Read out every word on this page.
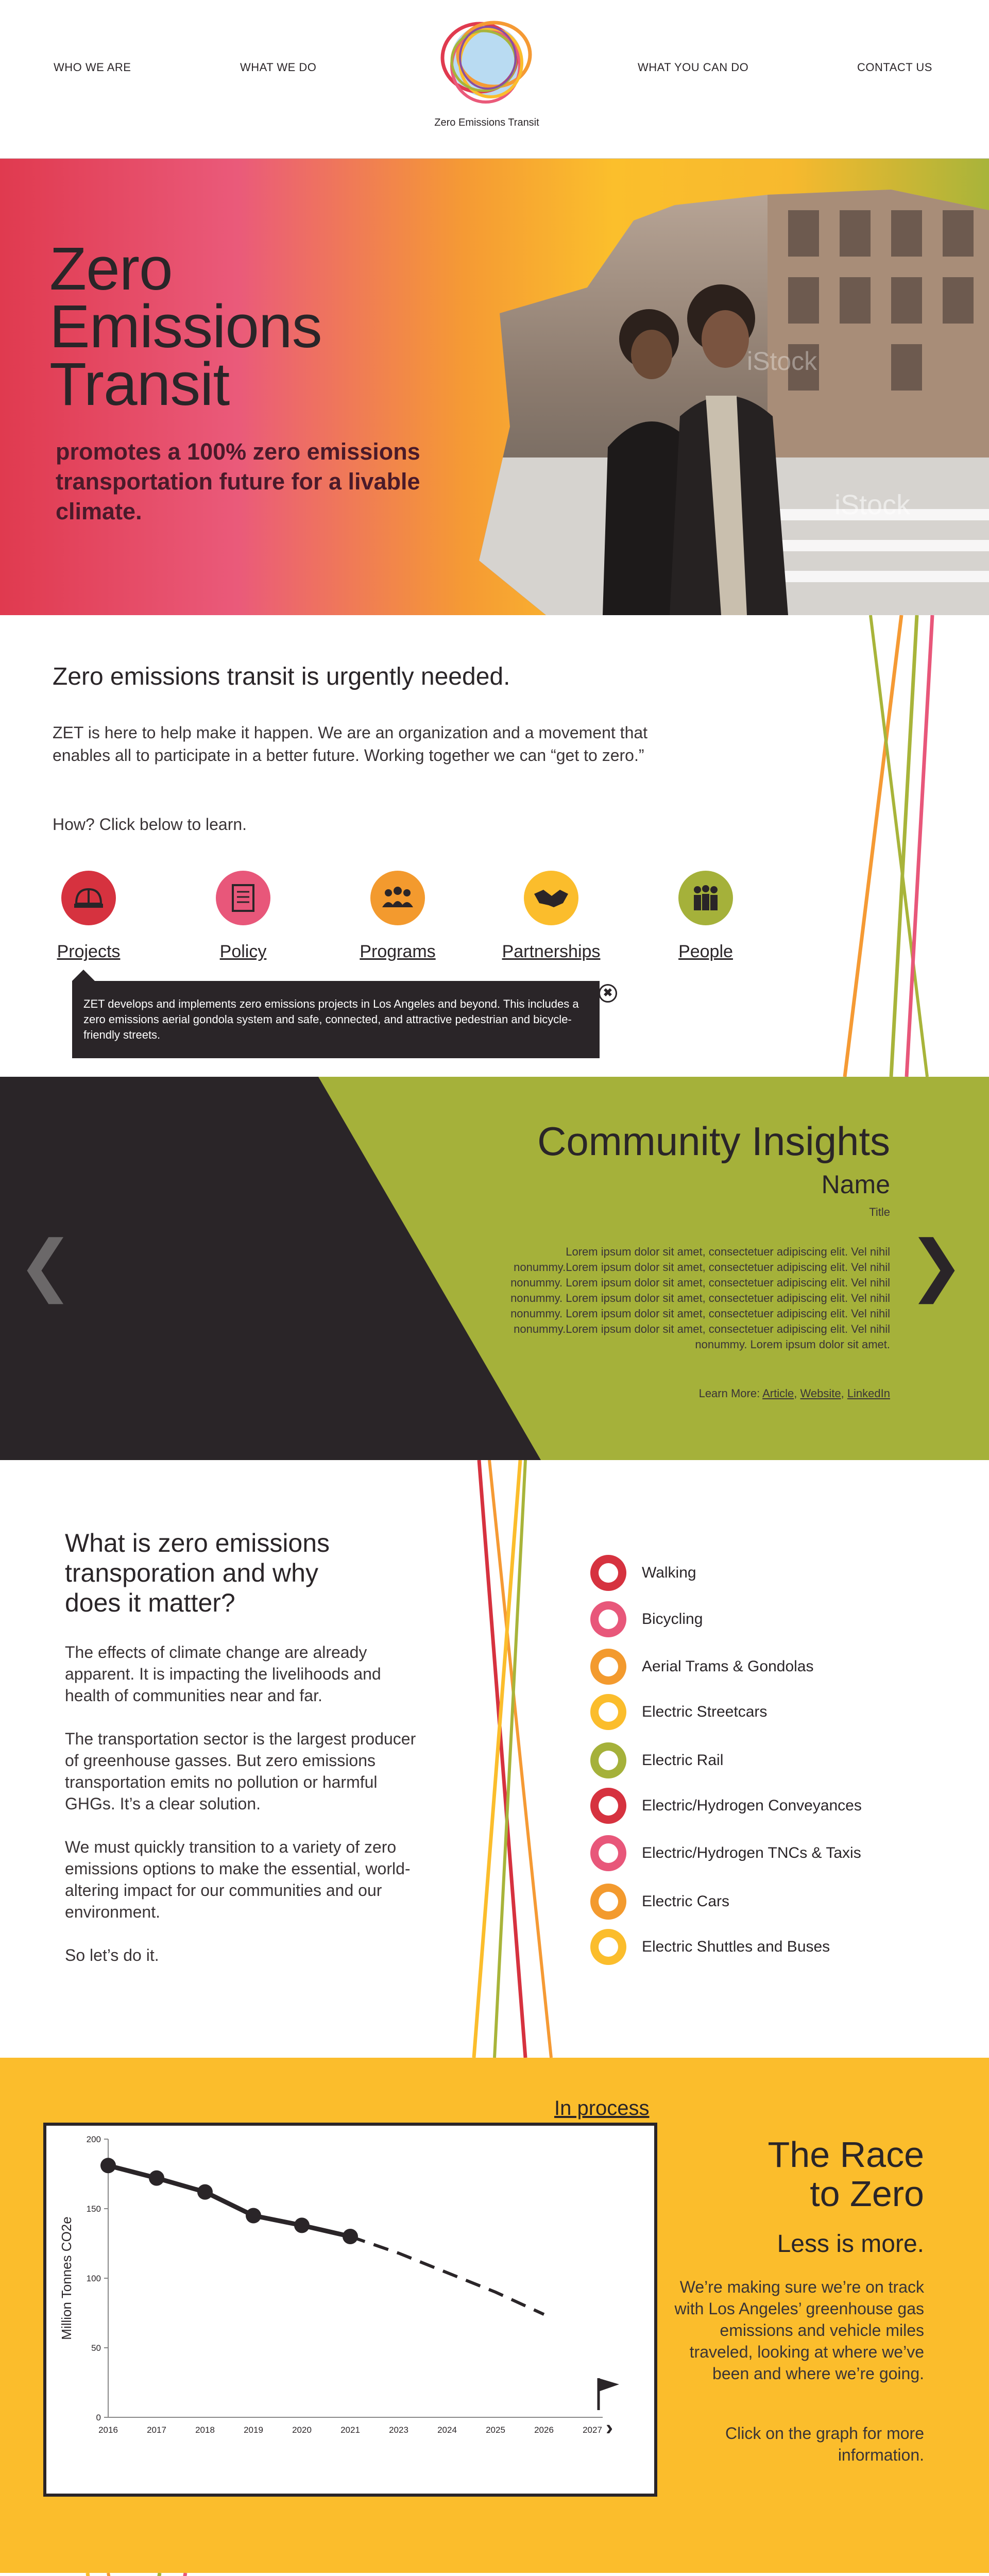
WHO WE ARE	WHAT WE DO
Zero Emissions Transit
WHAT YOU CAN DO	CONTACT US
Zero
Emissions
Transit
promotes a 100% zero emissions transportation future for a livable climate.	iStock
iStock
Zero emissions transit is urgently needed.

ZET is here to help make it happen. We are an organization and a movement that enables all to participate in a better future. Working together we can “get to zero.”

How? Click below to learn.

Projects	Policy	Programs	Partnerships	People
ZET develops and implements zero emissions projects in Los Angeles and beyond. This includes a zero emissions aerial gondola system and safe, connected, and attractive pedestrian and bicycle-friendly streets.
✖
❮
Community Insights
Name
Title

Lorem ipsum dolor sit amet, consectetuer adipiscing elit. Vel nihil nonummy.Lorem ipsum dolor sit amet, consectetuer adipiscing elit. Vel nihil nonummy. Lorem ipsum dolor sit amet, consectetuer adipiscing elit. Vel nihil nonummy. Lorem ipsum dolor sit amet, consectetuer adipiscing elit. Vel nihil nonummy. Lorem ipsum dolor sit amet, consectetuer adipiscing elit. Vel nihil nonummy.Lorem ipsum dolor sit amet, consectetuer adipiscing elit. Vel nihil nonummy. Lorem ipsum dolor sit amet.

Learn More: Article, Website, LinkedIn
❯
What is zero emissions transporation and why does it matter?

The effects of climate change are already apparent. It is impacting the livelihoods and health of communities near and far.

The transportation sector is the largest producer of greenhouse gasses. But zero emissions transportation emits no pollution or harmful GHGs. It’s a clear solution.

We must quickly transition to a variety of zero emissions options to make the essential, world-altering impact for our communities and our environment.

So let’s do it.

Walking
Bicycling
Aerial Trams & Gondolas
Electric Streetcars
Electric Rail
Electric/Hydrogen Conveyances
Electric/Hydrogen TNCs & Taxis
Electric Cars
Electric Shuttles and Buses
In process
0
50
100
150
200
2016	2017	2018	2019	2020	2021	2023	2024	2025	2026	2027
Million Tonnes CO2e
›
The Race
to Zero
Less is more.

We’re making sure we’re on track with Los Angeles’ greenhouse gas emissions and vehicle miles traveled, looking at where we’ve been and where we’re going.

Click on the graph for more information.
